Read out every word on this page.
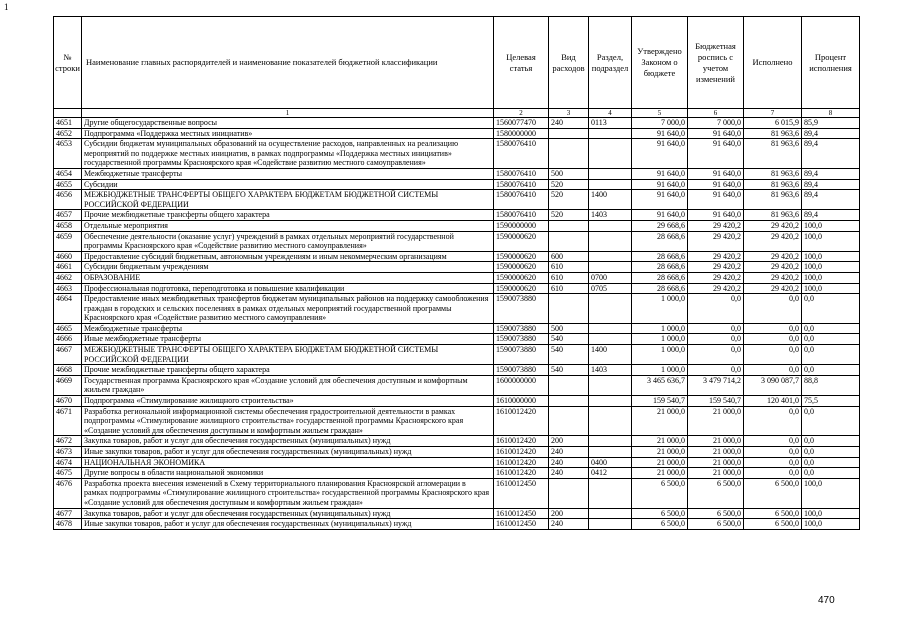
1
№ строки	Наименование главных распорядителей и наименование показателей бюджетной классификации	Целевая статья	Вид расходов	Раздел, подраздел	Утверждено Законом о бюджете	Бюджетная роспись с учетом изменений	Исполнено	Процент исполнения
	1	2	3	4	5	6	7	8
4651	Другие общегосударственные вопросы	1560077470	240	0113	7 000,0	7 000,0	6 015,9	85,9
4652	Подпрограмма «Поддержка местных инициатив»	1580000000			91 640,0	91 640,0	81 963,6	89,4
4653	Субсидии бюджетам муниципальных образований на осуществление расходов, направленных на реализацию мероприятий по поддержке местных инициатив, в рамках подпрограммы «Поддержка местных инициатив» государственной программы Красноярского края «Содействие развитию местного самоуправления»	1580076410			91 640,0	91 640,0	81 963,6	89,4
4654	Межбюджетные трансферты	1580076410	500		91 640,0	91 640,0	81 963,6	89,4
4655	Субсидии	1580076410	520		91 640,0	91 640,0	81 963,6	89,4
4656	МЕЖБЮДЖЕТНЫЕ ТРАНСФЕРТЫ ОБЩЕГО ХАРАКТЕРА БЮДЖЕТАМ БЮДЖЕТНОЙ СИСТЕМЫ РОССИЙСКОЙ ФЕДЕРАЦИИ	1580076410	520	1400	91 640,0	91 640,0	81 963,6	89,4
4657	Прочие межбюджетные трансферты общего характера	1580076410	520	1403	91 640,0	91 640,0	81 963,6	89,4
4658	Отдельные мероприятия	1590000000			29 668,6	29 420,2	29 420,2	100,0
4659	Обеспечение деятельности (оказание услуг) учреждений в рамках отдельных мероприятий государственной программы Красноярского края «Содействие развитию местного самоуправления»	1590000620			28 668,6	29 420,2	29 420,2	100,0
4660	Предоставление субсидий бюджетным, автономным учреждениям и иным некоммерческим организациям	1590000620	600		28 668,6	29 420,2	29 420,2	100,0
4661	Субсидии бюджетным учреждениям	1590000620	610		28 668,6	29 420,2	29 420,2	100,0
4662	ОБРАЗОВАНИЕ	1590000620	610	0700	28 668,6	29 420,2	29 420,2	100,0
4663	Профессиональная подготовка, переподготовка и повышение квалификации	1590000620	610	0705	28 668,6	29 420,2	29 420,2	100,0
4664	Предоставление иных межбюджетных трансфертов бюджетам муниципальных районов на поддержку самообложения граждан в городских и сельских поселениях в рамках отдельных мероприятий государственной программы Красноярского края «Содействие развитию местного самоуправления»	1590073880			1 000,0	0,0	0,0	0,0
4665	Межбюджетные трансферты	1590073880	500		1 000,0	0,0	0,0	0,0
4666	Иные межбюджетные трансферты	1590073880	540		1 000,0	0,0	0,0	0,0
4667	МЕЖБЮДЖЕТНЫЕ ТРАНСФЕРТЫ ОБЩЕГО ХАРАКТЕРА БЮДЖЕТАМ БЮДЖЕТНОЙ СИСТЕМЫ РОССИЙСКОЙ ФЕДЕРАЦИИ	1590073880	540	1400	1 000,0	0,0	0,0	0,0
4668	Прочие межбюджетные трансферты общего характера	1590073880	540	1403	1 000,0	0,0	0,0	0,0
4669	Государственная программа Красноярского края «Создание условий для обеспечения доступным и комфортным жильем граждан»	1600000000			3 465 636,7	3 479 714,2	3 090 087,7	88,8
4670	Подпрограмма «Стимулирование жилищного строительства»	1610000000			159 540,7	159 540,7	120 401,0	75,5
4671	Разработка региональной информационной системы обеспечения градостроительной деятельности в рамках подпрограммы «Стимулирование жилищного строительства» государственной программы Красноярского края «Создание условий для обеспечения доступным и комфортным жильем граждан»	1610012420			21 000,0	21 000,0	0,0	0,0
4672	Закупка товаров, работ и услуг для обеспечения государственных (муниципальных) нужд	1610012420	200		21 000,0	21 000,0	0,0	0,0
4673	Иные закупки товаров, работ и услуг для обеспечения государственных (муниципальных) нужд	1610012420	240		21 000,0	21 000,0	0,0	0,0
4674	НАЦИОНАЛЬНАЯ ЭКОНОМИКА	1610012420	240	0400	21 000,0	21 000,0	0,0	0,0
4675	Другие вопросы в области национальной экономики	1610012420	240	0412	21 000,0	21 000,0	0,0	0,0
4676	Разработка проекта внесения изменений в Схему территориального планирования Красноярской агломерации в рамках подпрограммы «Стимулирование жилищного строительства» государственной программы Красноярского края «Создание условий для обеспечения доступным и комфортным жильем граждан»	1610012450			6 500,0	6 500,0	6 500,0	100,0
4677	Закупка товаров, работ и услуг для обеспечения государственных (муниципальных) нужд	1610012450	200		6 500,0	6 500,0	6 500,0	100,0
4678	Иные закупки товаров, работ и услуг для обеспечения государственных (муниципальных) нужд	1610012450	240		6 500,0	6 500,0	6 500,0	100,0
470
